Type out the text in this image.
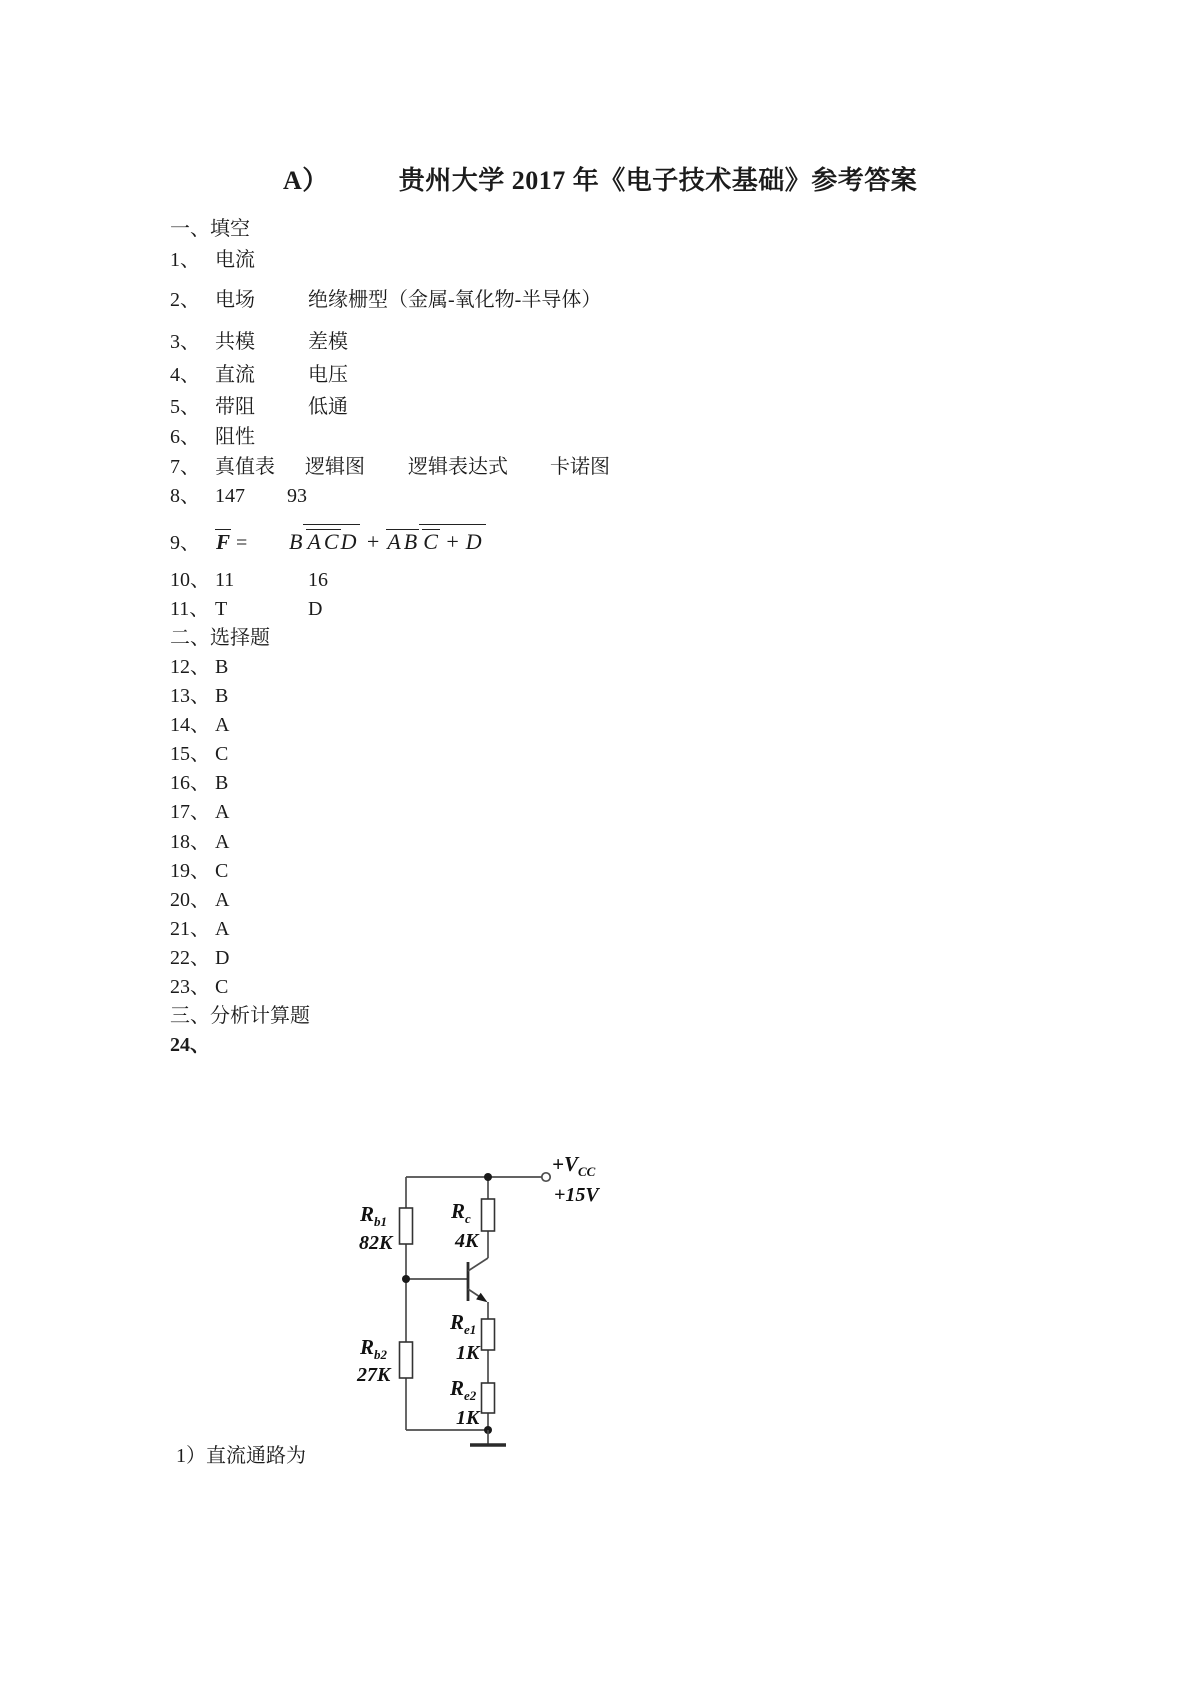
A）	贵州大学 2017 年《电子技术基础》参考答案
一、填空
1、 电流
2、 电场	绝缘栅型（金属-氧化物-半导体）
3、 共模	差模
4、 直流	电压
5、 带阻	低通
6、 阻性
7、 真值表 逻辑图 逻辑表达式 卡诺图
8、 147 93
9、 F = B ACD + AB C + D
10、 11	16
11、 T	D
二、选择题
12、 B
13、 B
14、 A
15、 C
16、 B
17、 A
18、 A
19、 C
20、 A
21、 A
22、 D
23、 C
三、分析计算题
24、
$R_{b1}$
82K
$R_c$
4K
$R_{b2}$
27K
$R_{e1}$
1K
$R_{e2}$
1K
$+V_{CC}$
+15V
1）直流通路为
